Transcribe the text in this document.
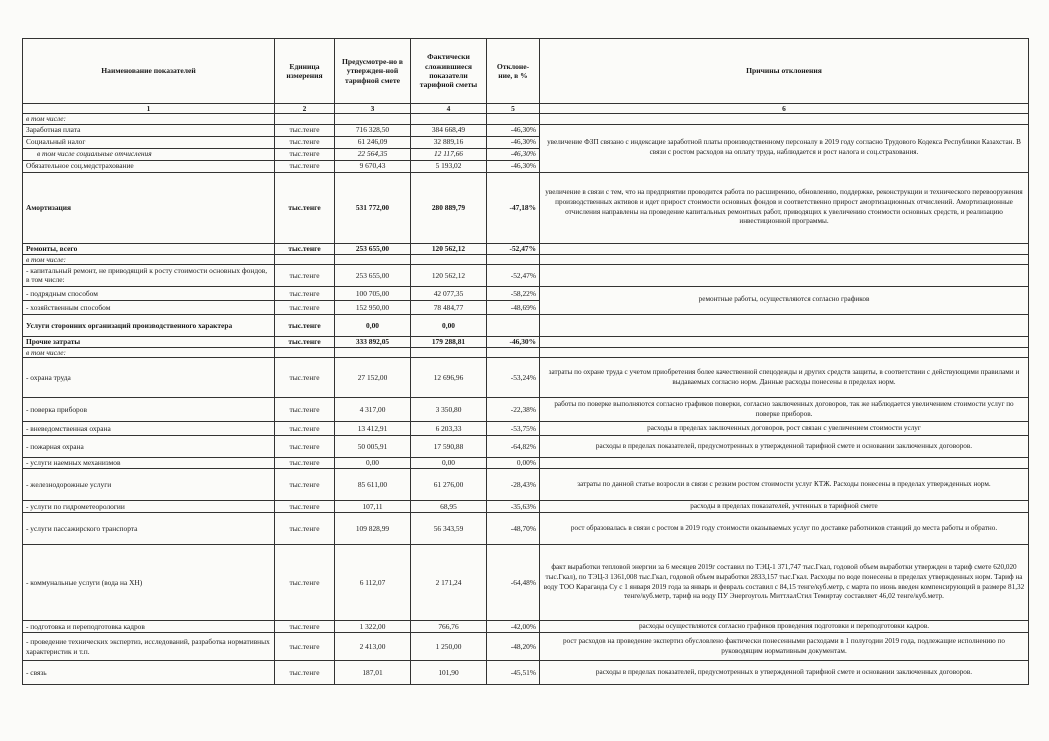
Наименование показателей	Единица измерения	Предусмотре-но в утвержден-ной тарифной смете	Фактически сложившиеся показатели тарифной сметы	Отклоне-ние, в %	Причины отклонения
1	2	3	4	5	6
в том числе:					
Заработная плата	тыс.тенге	716 328,50	384 668,49	-46,30%	увеличение ФЗП связано с индексацие заработной платы производственному персоналу в 2019 году согласно Трудового Кодекса Республики Казахстан. В связи с ростом расходов на оплату труда, наблюдается и рост налога и соц.страхования.
Социальный налог	тыс.тенге	61 246,09	32 889,16	-46,30%	
в том числе социальные отчисления	тыс.тенге	22 564,35	12 117,66	-46,30%	
Обязательное соц.медстрахование	тыс.тенге	9 670,43	5 193,02	-46,30%	
Амортизация	тыс.тенге	531 772,00	280 889,79	-47,18%	увеличение в связи с тем, что на предприятии проводится работа по расширению, обновлению, поддержке, реконструкции и технического перевооружения производственных активов и идет прирост стоимости основных фондов и соответственно прирост амортизационных отчислений. Амортизационные отчисления направлены на проведение капитальных ремонтных работ, приводящих к увеличению стоимости основных средств, и реализацию инвестиционной программы.
Ремонты, всего	тыс.тенге	253 655,00	120 562,12	-52,47%	
в том числе:					
- капитальный ремонт, не приводящий к росту стоимости основных фондов, в том числе:	тыс.тенге	253 655,00	120 562,12	-52,47%	
- подрядным способом	тыс.тенге	100 705,00	42 077,35	-58,22%	ремонтные работы, осуществляются согласно графиков
- хозяйственным способом	тыс.тенге	152 950,00	78 484,77	-48,69%	
Услуги сторонних организаций производственного характера	тыс.тенге	0,00	0,00		
Прочие затраты	тыс.тенге	333 892,05	179 288,81	-46,30%	
в том числе:					
- охрана труда	тыс.тенге	27 152,00	12 696,96	-53,24%	затраты по охране труда с учетом приобретения более качественной спецодежды и других средств защиты, в соответствии с действующими правилами и выдаваемых согласно норм. Данные расходы понесены в пределах норм.
- поверка приборов	тыс.тенге	4 317,00	3 350,80	-22,38%	работы по поверке выполняются согласно графиков поверки, согласно заключенных договоров, так же наблюдается увеличением стоимости услуг по поверке приборов.
- вневедомственная охрана	тыс.тенге	13 412,91	6 203,33	-53,75%	расходы в пределах заключенных договоров, рост связан с увеличением стоимости услуг
- пожарная охрана	тыс.тенге	50 005,91	17 590,88	-64,82%	расходы в пределах показателей, предусмотренных в утвержденной тарифной смете и основании заключенных договоров.
- услуги наемных механизмов	тыс.тенге	0,00	0,00	0,00%	
- железнодорожные услуги	тыс.тенге	85 611,00	61 276,00	-28,43%	затраты по данной статье возросли в связи с резким ростом стоимости услуг КТЖ. Расходы понесены в пределах утвержденных норм.
- услуги по гидрометеорологии	тыс.тенге	107,11	68,95	-35,63%	расходы в пределах показателей, учтенных в тарифной смете
- услуги пассажирского транспорта	тыс.тенге	109 828,99	56 343,59	-48,70%	рост образовалась в связи с ростом в 2019 году стоимости оказываемых услуг по доставке работников станций до места работы и обратно.
- коммунальные услуги (вода на ХН)	тыс.тенге	6 112,07	2 171,24	-64,48%	факт выработки тепловой энергии за 6 месяцев 2019г составил по ТЭЦ-1 371,747 тыс.Гкал, годовой объем выработки утвержден в тариф смете 620,020 тыс.Гкал), по ТЭЦ-3 1361,008 тыс.Гкал, годовой объем выработки 2833,157 тыс.Гкал. Расходы по воде понесены в пределах утвержденных норм. Тариф на воду ТОО Караганда Су с 1 января 2019 года за январь и февраль составил с 84,15 тенге/куб.метр, с марта по июнь введен компенсирующий в размере 81,32 тенге/куб.метр, тариф на воду ПУ Энергоуголь МиттлалСтил Темиртау составляет 46,02 тенге/куб.метр.
- подготовка и переподготовка кадров	тыс.тенге	1 322,00	766,76	-42,00%	расходы осуществляются согласно графиков проведения подготовки и переподготовки кадров.
- проведение технических экспертиз, исследований, разработка нормативных характеристик и т.п.	тыс.тенге	2 413,00	1 250,00	-48,20%	рост расходов на проведение экспертиз обусловлено фактически понесенными расходами в 1 полугодии 2019 года, подлежащие исполнению по руководящим нормативным документам.
- связь	тыс.тенге	187,01	101,90	-45,51%	расходы в пределах показателей, предусмотренных в утвержденной тарифной смете и основании заключенных договоров.
